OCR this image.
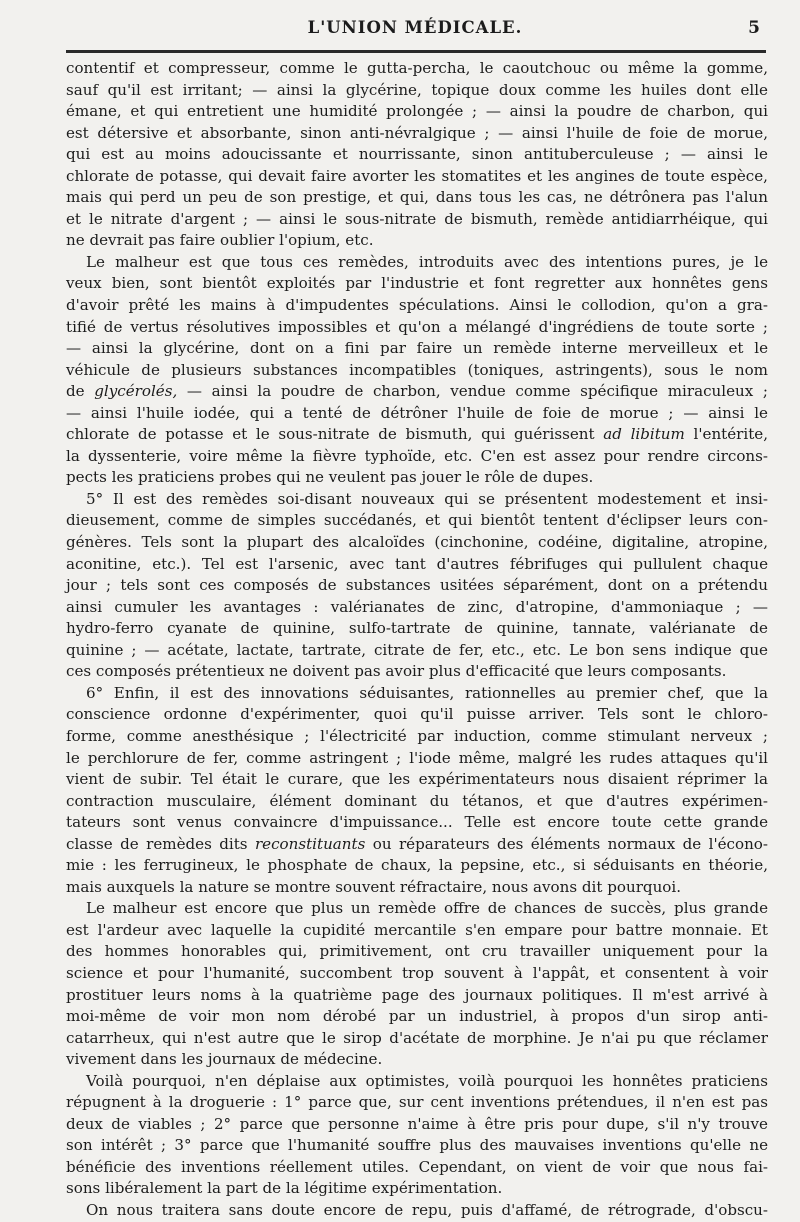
L'UNION MÉDICALE.	5
contentif et compresseur, comme le gutta-percha, le caoutchouc ou même la gomme,
sauf qu'il est irritant; — ainsi la glycérine, topique doux comme les huiles dont elle
émane, et qui entretient une humidité prolongée ; — ainsi la poudre de charbon, qui
est détersive et absorbante, sinon anti-névralgique ; — ainsi l'huile de foie de morue,
qui est au moins adoucissante et nourrissante, sinon antituberculeuse ; — ainsi le
chlorate de potasse, qui devait faire avorter les stomatites et les angines de toute espèce,
mais qui perd un peu de son prestige, et qui, dans tous les cas, ne détrônera pas l'alun
et le nitrate d'argent ; — ainsi le sous-nitrate de bismuth, remède antidiarrhéique, qui
ne devrait pas faire oublier l'opium, etc.
Le malheur est que tous ces remèdes, introduits avec des intentions pures, je le
veux bien, sont bientôt exploités par l'industrie et font regretter aux honnêtes gens
d'avoir prêté les mains à d'impudentes spéculations. Ainsi le collodion, qu'on a gra-
tifié de vertus résolutives impossibles et qu'on a mélangé d'ingrédiens de toute sorte ;
— ainsi la glycérine, dont on a fini par faire un remède interne merveilleux et le
véhicule de plusieurs substances incompatibles (toniques, astringents), sous le nom
de glycérolés, — ainsi la poudre de charbon, vendue comme spécifique miraculeux ;
— ainsi l'huile iodée, qui a tenté de détrôner l'huile de foie de morue ; — ainsi le
chlorate de potasse et le sous-nitrate de bismuth, qui guérissent ad libitum l'entérite,
la dyssenterie, voire même la fièvre typhoïde, etc. C'en est assez pour rendre circons-
pects les praticiens probes qui ne veulent pas jouer le rôle de dupes.
5° Il est des remèdes soi-disant nouveaux qui se présentent modestement et insi-
dieusement, comme de simples succédanés, et qui bientôt tentent d'éclipser leurs con-
génères. Tels sont la plupart des alcaloïdes (cinchonine, codéine, digitaline, atropine,
aconitine, etc.). Tel est l'arsenic, avec tant d'autres fébrifuges qui pullulent chaque
jour ; tels sont ces composés de substances usitées séparément, dont on a prétendu
ainsi cumuler les avantages : valérianates de zinc, d'atropine, d'ammoniaque ; —
hydro-ferro cyanate de quinine, sulfo-tartrate de quinine, tannate, valérianate de
quinine ; — acétate, lactate, tartrate, citrate de fer, etc., etc. Le bon sens indique que
ces composés prétentieux ne doivent pas avoir plus d'efficacité que leurs composants.
6° Enfin, il est des innovations séduisantes, rationnelles au premier chef, que la
conscience ordonne d'expérimenter, quoi qu'il puisse arriver. Tels sont le chloro-
forme, comme anesthésique ; l'électricité par induction, comme stimulant nerveux ;
le perchlorure de fer, comme astringent ; l'iode même, malgré les rudes attaques qu'il
vient de subir. Tel était le curare, que les expérimentateurs nous disaient réprimer la
contraction musculaire, élément dominant du tétanos, et que d'autres expérimen-
tateurs sont venus convaincre d'impuissance... Telle est encore toute cette grande
classe de remèdes dits reconstituants ou réparateurs des éléments normaux de l'écono-
mie : les ferrugineux, le phosphate de chaux, la pepsine, etc., si séduisants en théorie,
mais auxquels la nature se montre souvent réfractaire, nous avons dit pourquoi.
Le malheur est encore que plus un remède offre de chances de succès, plus grande
est l'ardeur avec laquelle la cupidité mercantile s'en empare pour battre monnaie. Et
des hommes honorables qui, primitivement, ont cru travailler uniquement pour la
science et pour l'humanité, succombent trop souvent à l'appât, et consentent à voir
prostituer leurs noms à la quatrième page des journaux politiques. Il m'est arrivé à
moi-même de voir mon nom dérobé par un industriel, à propos d'un sirop anti-
catarrheux, qui n'est autre que le sirop d'acétate de morphine. Je n'ai pu que réclamer
vivement dans les journaux de médecine.
Voilà pourquoi, n'en déplaise aux optimistes, voilà pourquoi les honnêtes praticiens
répugnent à la droguerie : 1° parce que, sur cent inventions prétendues, il n'en est pas
deux de viables ; 2° parce que personne n'aime à être pris pour dupe, s'il n'y trouve
son intérêt ; 3° parce que l'humanité souffre plus des mauvaises inventions qu'elle ne
bénéficie des inventions réellement utiles. Cependant, on vient de voir que nous fai-
sons libéralement la part de la légitime expérimentation.
On nous traitera sans doute encore de repu, puis d'affamé, de rétrograde, d'obscu-
